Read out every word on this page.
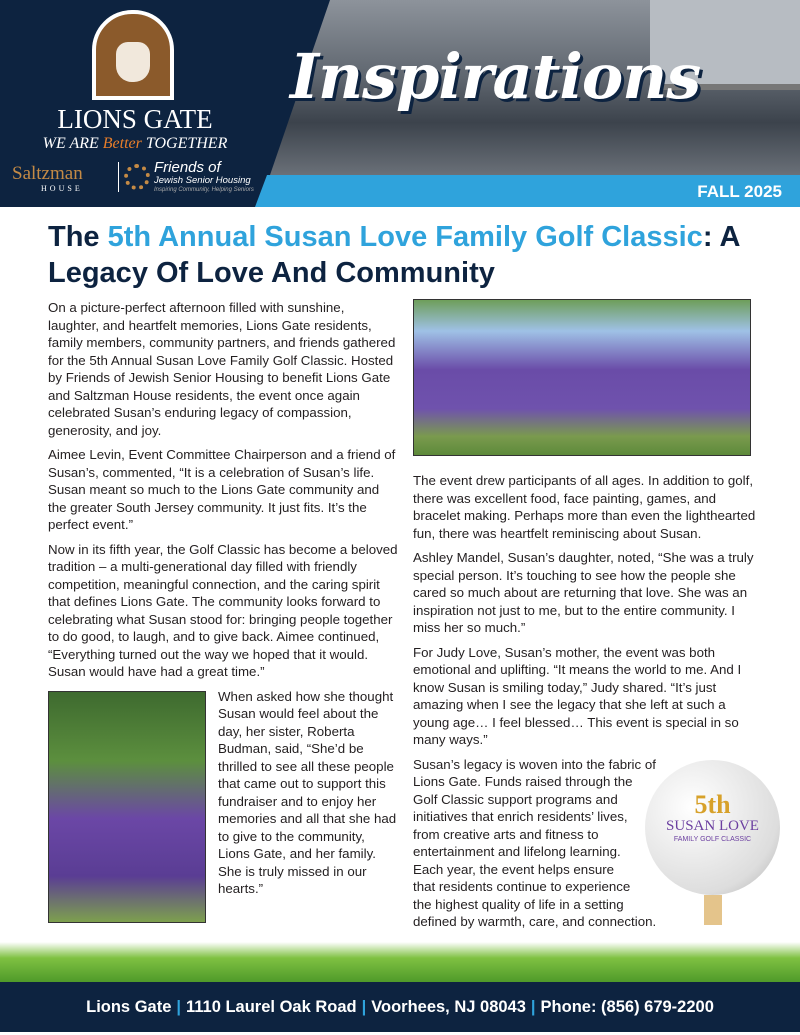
FALL 2025
Inspirations
LIONS GATE
WE ARE Better TOGETHER
Saltzman
HOUSE
Friends of
Jewish Senior Housing
Inspiring Community, Helping Seniors
The 5th Annual Susan Love Family Golf Classic: A Legacy Of Love And Community

On a picture-perfect afternoon filled with sunshine, laughter, and heartfelt memories, Lions Gate residents, family members, community partners, and friends gathered for the 5th Annual Susan Love Family Golf Classic. Hosted by Friends of Jewish Senior Housing to benefit Lions Gate and Saltzman House residents, the event once again celebrated Susan’s enduring legacy of compassion, generosity, and joy.

Aimee Levin, Event Committee Chairperson and a friend of Susan’s, commented, “It is a celebration of Susan’s life. Susan meant so much to the Lions Gate community and the greater South Jersey community. It just fits. It’s the perfect event.”

Now in its fifth year, the Golf Classic has become a beloved tradition – a multi-generational day filled with friendly competition, meaningful connection, and the caring spirit that defines Lions Gate. The community looks forward to celebrating what Susan stood for: bringing people together to do good, to laugh, and to give back. Aimee continued, “Everything turned out the way we hoped that it would. Susan would have had a great time.”

When asked how she thought Susan would feel about the day, her sister, Roberta Budman, said, “She’d be thrilled to see all these people that came out to support this fundraiser and to enjoy her memories and all that she had to give to the community, Lions Gate, and her family. She is truly missed in our hearts.”

The event drew participants of all ages. In addition to golf, there was excellent food, face painting, games, and bracelet making. Perhaps more than even the lighthearted fun, there was heartfelt reminiscing about Susan.

Ashley Mandel, Susan’s daughter, noted, “She was a truly special person. It’s touching to see how the people she cared so much about are returning that love. She was an inspiration not just to me, but to the entire community. I miss her so much.”

For Judy Love, Susan’s mother, the event was both emotional and uplifting. “It means the world to me. And I know Susan is smiling today,” Judy shared. “It’s just amazing when I see the legacy that she left at such a young age… I feel blessed… This event is special in so many ways.”

5th
SUSAN LOVE
FAMILY GOLF CLASSIC

Susan’s legacy is woven into the fabric of Lions Gate. Funds raised through the Golf Classic support programs and initiatives that enrich residents’ lives, from creative arts and fitness to entertainment and lifelong learning. Each year, the event helps ensure that residents continue to experience the highest quality of life in a setting defined by warmth, care, and connection.

Lions Gate | 1110 Laurel Oak Road | Voorhees, NJ 08043 | Phone: (856) 679-2200
